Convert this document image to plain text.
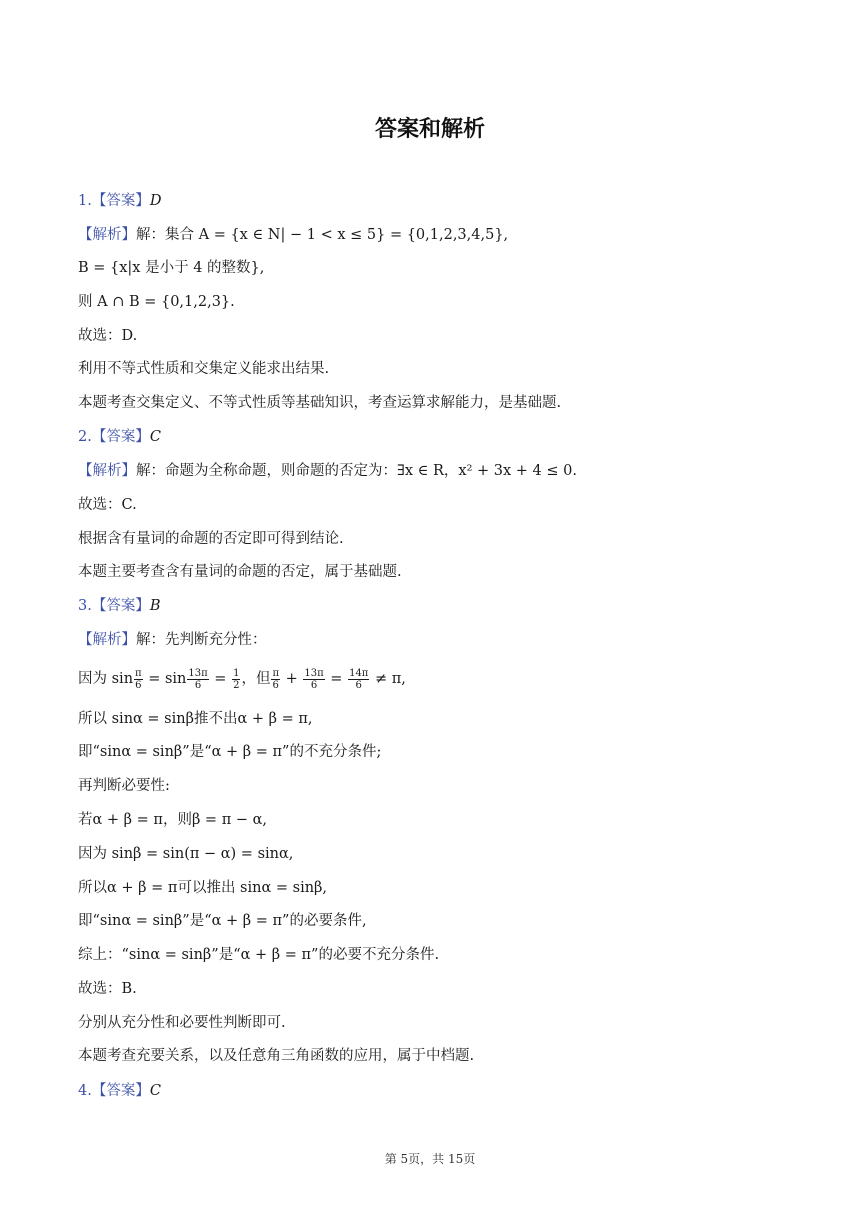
答案和解析
1.【答案】D
【解析】解：集合 A = {x ∈ N| − 1 < x ≤ 5} = {0,1,2,3,4,5},
B = {x|x 是小于 4 的整数},
则 A ∩ B = {0,1,2,3}.
故选：D.
利用不等式性质和交集定义能求出结果.
本题考查交集定义、不等式性质等基础知识，考查运算求解能力，是基础题.
2.【答案】C
【解析】解：命题为全称命题，则命题的否定为：∃x ∈ R，x² + 3x + 4 ≤ 0.
故选：C.
根据含有量词的命题的否定即可得到结论.
本题主要考查含有量词的命题的否定，属于基础题.
3.【答案】B
【解析】解：先判断充分性：
因为 $\sin \frac{\pi}{6} = \sin \frac{13\pi}{6} = \frac{1}{2}$ ，但 $\frac{\pi}{6} + \frac{13\pi}{6} = \frac{14\pi}{6} \ne \pi$,
所以 sinα = sinβ推不出α + β = π,
即“sinα = sinβ”是“α + β = π”的不充分条件;
再判断必要性:
若α + β = π，则β = π − α,
因为 sinβ = sin(π − α) = sinα,
所以α + β = π可以推出 sinα = sinβ,
即“sinα = sinβ”是“α + β = π”的必要条件,
综上：“sinα = sinβ”是“α + β = π”的必要不充分条件.
故选：B.
分别从充分性和必要性判断即可.
本题考查充要关系，以及任意角三角函数的应用，属于中档题.
4.【答案】C
第 5页，共 15页
